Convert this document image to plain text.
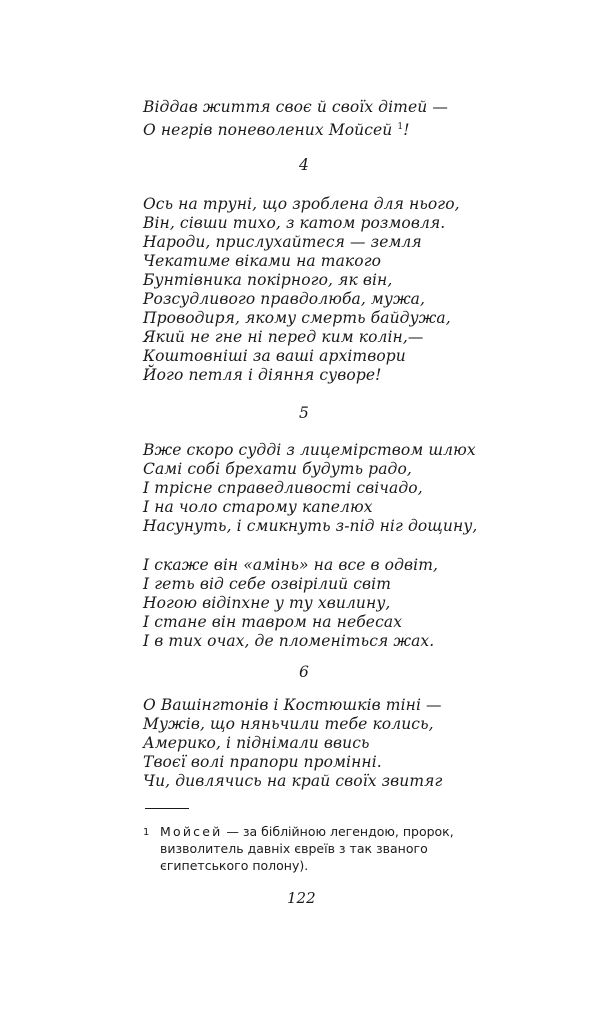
Віддав життя своє й своїх дітей —
О негрів поневолених Мойсей $^1$!
4
Ось на труні, що зроблена для нього,
Він, сівши тихо, з катом розмовля.
Народи, прислухайтеся — земля
Чекатиме віками на такого
Бунтівника покірного, як він,
Розсудливого правдолюба, мужа,
Проводиря, якому смерть байдужа,
Який не гне ні перед ким колін,—
Коштовніші за ваші архітвори
Його петля і діяння суворе!
5
Вже скоро судді з лицемірством шлюх
Самі собі брехати будуть радо,
І трісне справедливості свічадо,
І на чоло старому капелюх
Насунуть, і смикнуть з-під ніг дощину,
І скаже він «амінь» на все в одвіт,
І геть від себе озвірілий світ
Ногою відіпхне у ту хвилину,
І стане він тавром на небесах
І в тих очах, де пломеніться жах.
6
О Вашінгтонів і Костюшків тіні —
Мужів, що няньчили тебе колись,
Америко, і піднімали ввись
Твоєї волі прапори промінні.
Чи, дивлячись на край своїх звитяг
1 Мойсей — за біблійною легендою, пророк,
визволитель давніх євреїв з так званого
єгипетського полону).
122
